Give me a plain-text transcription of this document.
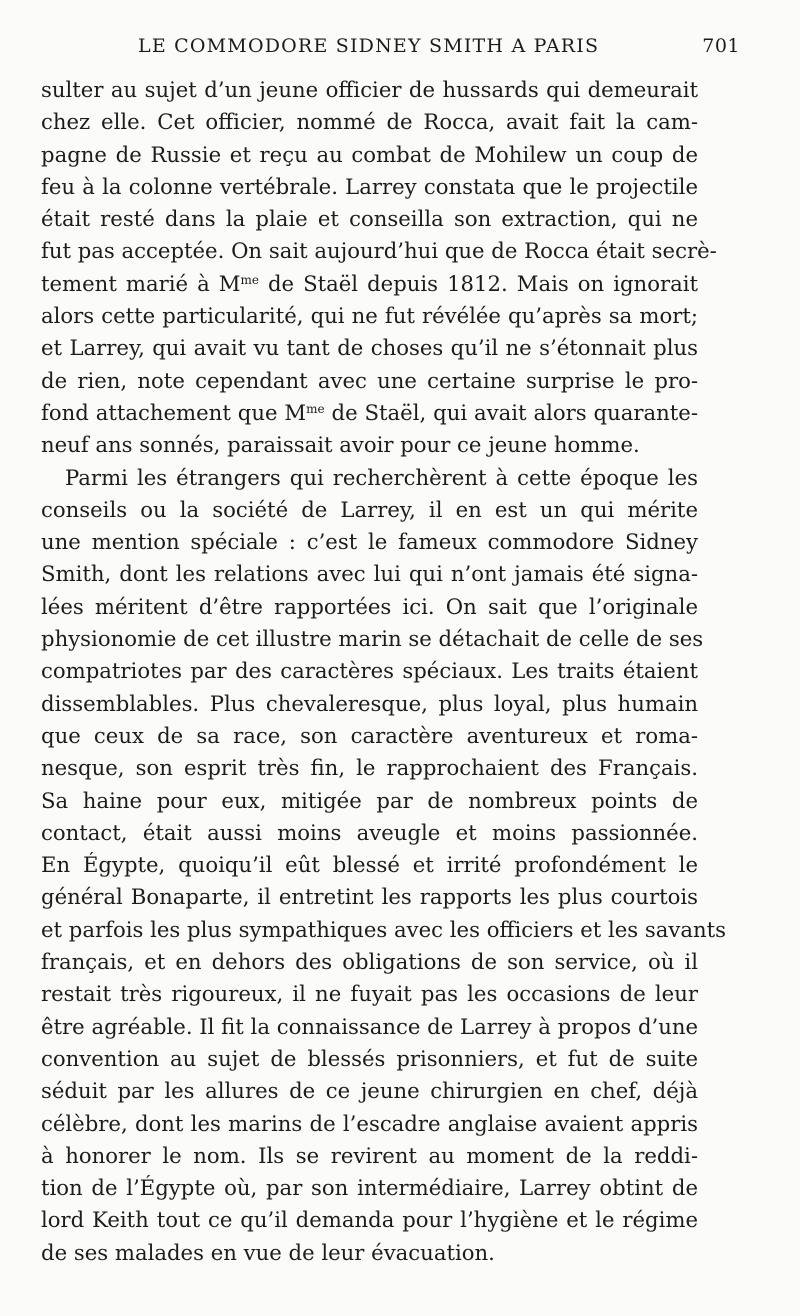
LE COMMODORE SIDNEY SMITH A PARIS	701
sulter au sujet d’un jeune officier de hussards qui demeurait
chez elle. Cet officier, nommé de Rocca, avait fait la cam-
pagne de Russie et reçu au combat de Mohilew un coup de
feu à la colonne vertébrale. Larrey constata que le projectile
était resté dans la plaie et conseilla son extraction, qui ne
fut pas acceptée. On sait aujourd’hui que de Rocca était secrè-
tement marié à $M^{me}$ de Staël depuis 1812. Mais on ignorait
alors cette particularité, qui ne fut révélée qu’après sa mort;
et Larrey, qui avait vu tant de choses qu’il ne s’étonnait plus
de rien, note cependant avec une certaine surprise le pro-
fond attachement que $M^{me}$ de Staël, qui avait alors quarante-
neuf ans sonnés, paraissait avoir pour ce jeune homme.
Parmi les étrangers qui recherchèrent à cette époque les
conseils ou la société de Larrey, il en est un qui mérite
une mention spéciale : c’est le fameux commodore Sidney
Smith, dont les relations avec lui qui n’ont jamais été signa-
lées méritent d’être rapportées ici. On sait que l’originale
physionomie de cet illustre marin se détachait de celle de ses
compatriotes par des caractères spéciaux. Les traits étaient
dissemblables. Plus chevaleresque, plus loyal, plus humain
que ceux de sa race, son caractère aventureux et roma-
nesque, son esprit très fin, le rapprochaient des Français.
Sa haine pour eux, mitigée par de nombreux points de
contact, était aussi moins aveugle et moins passionnée.
En Égypte, quoiqu’il eût blessé et irrité profondément le
général Bonaparte, il entretint les rapports les plus courtois
et parfois les plus sympathiques avec les officiers et les savants
français, et en dehors des obligations de son service, où il
restait très rigoureux, il ne fuyait pas les occasions de leur
être agréable. Il fit la connaissance de Larrey à propos d’une
convention au sujet de blessés prisonniers, et fut de suite
séduit par les allures de ce jeune chirurgien en chef, déjà
célèbre, dont les marins de l’escadre anglaise avaient appris
à honorer le nom. Ils se revirent au moment de la reddi-
tion de l’Égypte où, par son intermédiaire, Larrey obtint de
lord Keith tout ce qu’il demanda pour l’hygiène et le régime
de ses malades en vue de leur évacuation.
